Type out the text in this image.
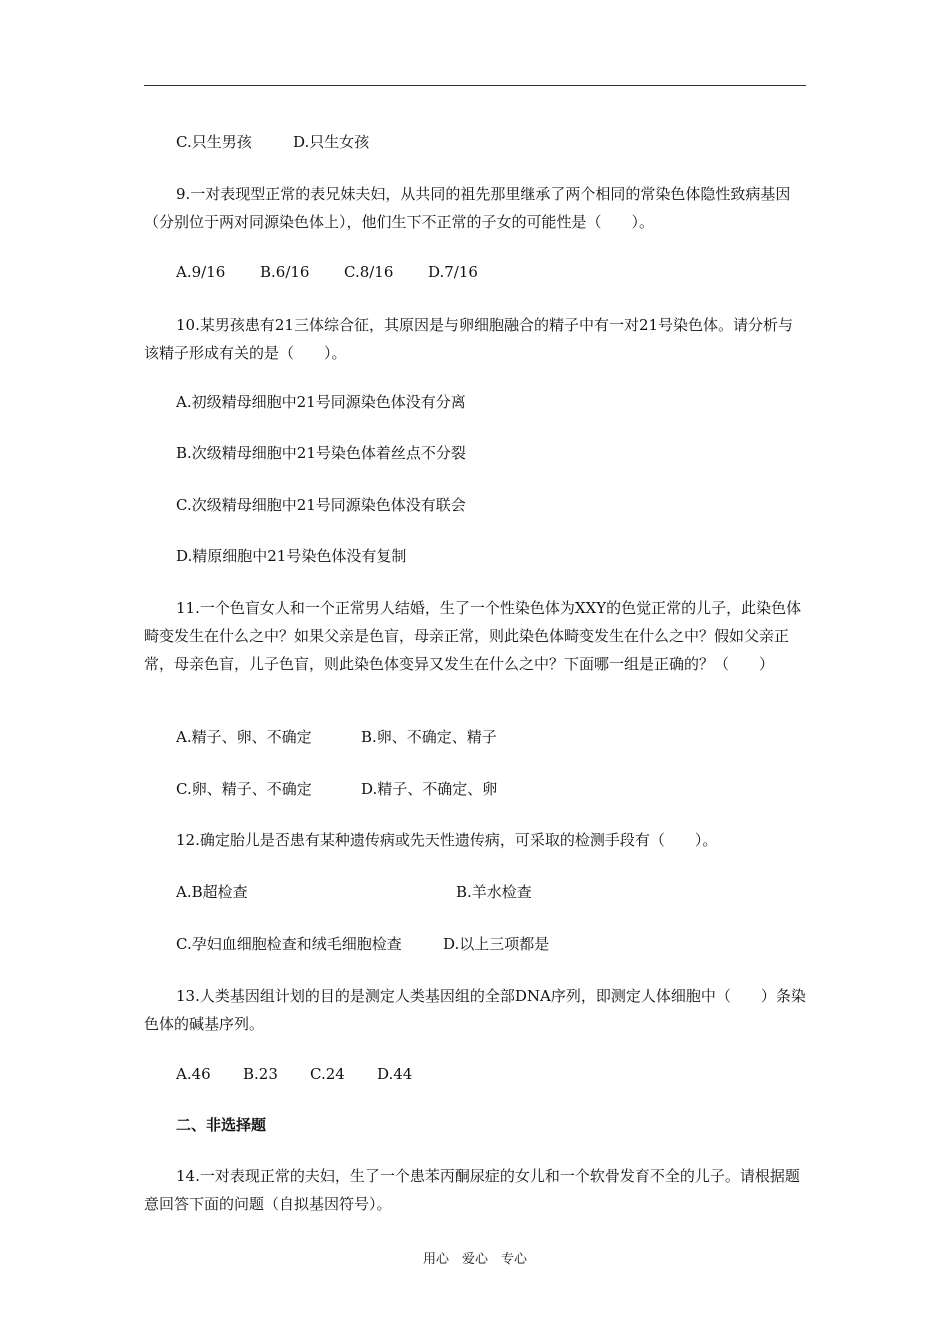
C.只生男孩	D.只生女孩
9.一对表现型正常的表兄妹夫妇，从共同的祖先那里继承了两个相同的常染色体隐性致病基因（分别位于两对同源染色体上），他们生下不正常的子女的可能性是（　　）。
A.9/16 B.6/16 C.8/16 D.7/16
10.某男孩患有21三体综合征，其原因是与卵细胞融合的精子中有一对21号染色体。请分析与该精子形成有关的是（　　）。
A.初级精母细胞中21号同源染色体没有分离
B.次级精母细胞中21号染色体着丝点不分裂
C.次级精母细胞中21号同源染色体没有联会
D.精原细胞中21号染色体没有复制
11.一个色盲女人和一个正常男人结婚，生了一个性染色体为XXY的色觉正常的儿子，此染色体畸变发生在什么之中？如果父亲是色盲，母亲正常，则此染色体畸变发生在什么之中？假如父亲正常，母亲色盲，儿子色盲，则此染色体变异又发生在什么之中？下面哪一组是正确的？（　　）
A.精子、卵、不确定	B.卵、不确定、精子
C.卵、精子、不确定	D.精子、不确定、卵
12.确定胎儿是否患有某种遗传病或先天性遗传病，可采取的检测手段有（　　）。
A.B超检查	B.羊水检查
C.孕妇血细胞检查和绒毛细胞检查	D.以上三项都是
13.人类基因组计划的目的是测定人类基因组的全部DNA序列，即测定人体细胞中（　　）条染色体的碱基序列。
A.46 B.23 C.24 D.44
二、非选择题
14.一对表现正常的夫妇，生了一个患苯丙酮尿症的女儿和一个软骨发育不全的儿子。请根据题意回答下面的问题（自拟基因符号）。
用心　爱心　专心
